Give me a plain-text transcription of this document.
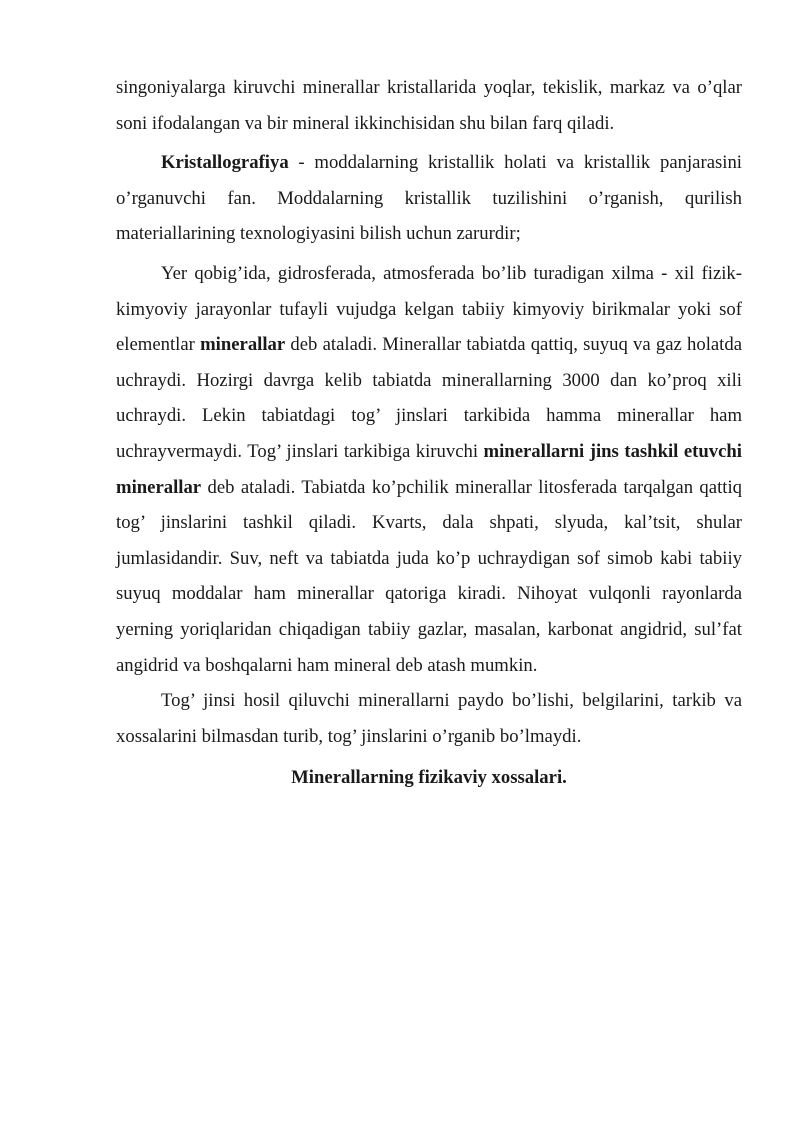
singoniyalarga kiruvchi minerallar kristallarida yoqlar, tekislik, markaz va o’qlar soni ifodalangan va bir mineral ikkinchisidan shu bilan farq qiladi.

Kristallografiya - moddalarning kristallik holati va kristallik panjarasini o’rganuvchi fan. Moddalarning kristallik tuzilishini o’rganish, qurilish materiallarining texnologiyasini bilish uchun zarurdir;

Yer qobig’ida, gidrosferada, atmosferada bo’lib turadigan xilma - xil fizik- kimyoviy jarayonlar tufayli vujudga kelgan tabiiy kimyoviy birikmalar yoki sof elementlar minerallar deb ataladi. Minerallar tabiatda qattiq, suyuq va gaz holatda uchraydi. Hozirgi davrga kelib tabiatda minerallarning 3000 dan ko’proq xili uchraydi. Lekin tabiatdagi tog’ jinslari tarkibida hamma minerallar ham uchrayvermaydi. Tog’ jinslari tarkibiga kiruvchi minerallarni jins tashkil etuvchi minerallar deb ataladi. Tabiatda ko’pchilik minerallar litosferada tarqalgan qattiq tog’ jinslarini tashkil qiladi. Kvarts, dala shpati, slyuda, kal’tsit, shular jumlasidandir. Suv, neft va tabiatda juda ko’p uchraydigan sof simob kabi tabiiy suyuq moddalar ham minerallar qatoriga kiradi. Nihoyat vulqonli rayonlarda yerning yoriqlaridan chiqadigan tabiiy gazlar, masalan, karbonat angidrid, sul’fat angidrid va boshqalarni ham mineral deb atash mumkin.

Tog’ jinsi hosil qiluvchi minerallarni paydo bo’lishi, belgilarini, tarkib va xossalarini bilmasdan turib, tog’ jinslarini o’rganib bo’lmaydi.

Minerallarning fizikaviy xossalari.
